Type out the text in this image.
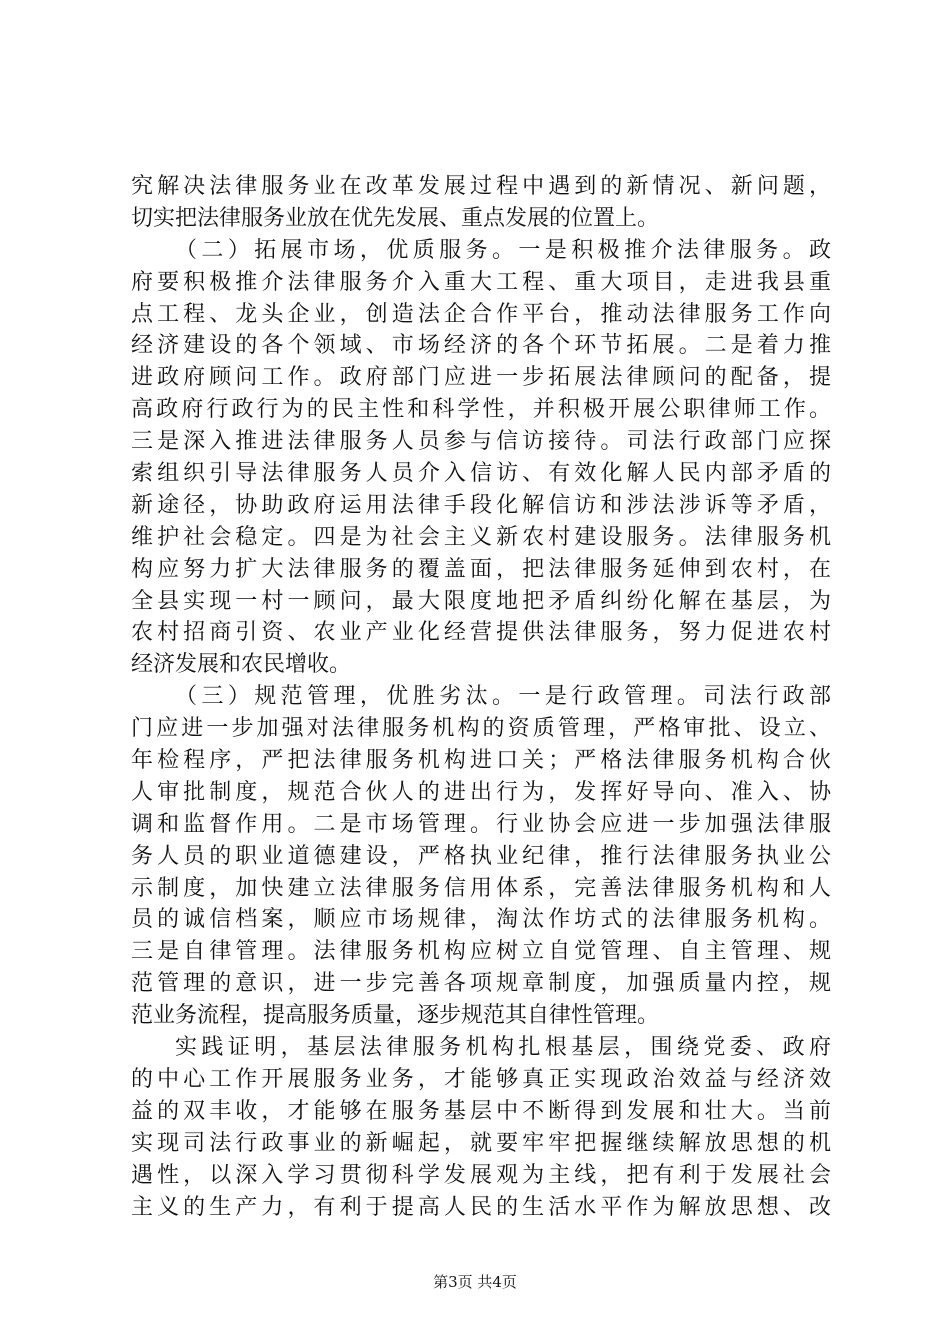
究解决法律服务业在改革发展过程中遇到的新情况、新问题，
切实把法律服务业放在优先发展、重点发展的位置上。
（二）拓展市场，优质服务。一是积极推介法律服务。政
府要积极推介法律服务介入重大工程、重大项目，走进我县重
点工程、龙头企业，创造法企合作平台，推动法律服务工作向
经济建设的各个领域、市场经济的各个环节拓展。二是着力推
进政府顾问工作。政府部门应进一步拓展法律顾问的配备，提
高政府行政行为的民主性和科学性，并积极开展公职律师工作。
三是深入推进法律服务人员参与信访接待。司法行政部门应探
索组织引导法律服务人员介入信访、有效化解人民内部矛盾的
新途径，协助政府运用法律手段化解信访和涉法涉诉等矛盾，
维护社会稳定。四是为社会主义新农村建设服务。法律服务机
构应努力扩大法律服务的覆盖面，把法律服务延伸到农村，在
全县实现一村一顾问，最大限度地把矛盾纠纷化解在基层，为
农村招商引资、农业产业化经营提供法律服务，努力促进农村
经济发展和农民增收。
（三）规范管理，优胜劣汰。一是行政管理。司法行政部
门应进一步加强对法律服务机构的资质管理，严格审批、设立、
年检程序，严把法律服务机构进口关；严格法律服务机构合伙
人审批制度，规范合伙人的进出行为，发挥好导向、准入、协
调和监督作用。二是市场管理。行业协会应进一步加强法律服
务人员的职业道德建设，严格执业纪律，推行法律服务执业公
示制度，加快建立法律服务信用体系，完善法律服务机构和人
员的诚信档案，顺应市场规律，淘汰作坊式的法律服务机构。
三是自律管理。法律服务机构应树立自觉管理、自主管理、规
范管理的意识，进一步完善各项规章制度，加强质量内控，规
范业务流程，提高服务质量，逐步规范其自律性管理。
实践证明，基层法律服务机构扎根基层，围绕党委、政府
的中心工作开展服务业务，才能够真正实现政治效益与经济效
益的双丰收，才能够在服务基层中不断得到发展和壮大。当前
实现司法行政事业的新崛起，就要牢牢把握继续解放思想的机
遇性，以深入学习贯彻科学发展观为主线，把有利于发展社会
主义的生产力，有利于提高人民的生活水平作为解放思想、改
第3页 共4页
